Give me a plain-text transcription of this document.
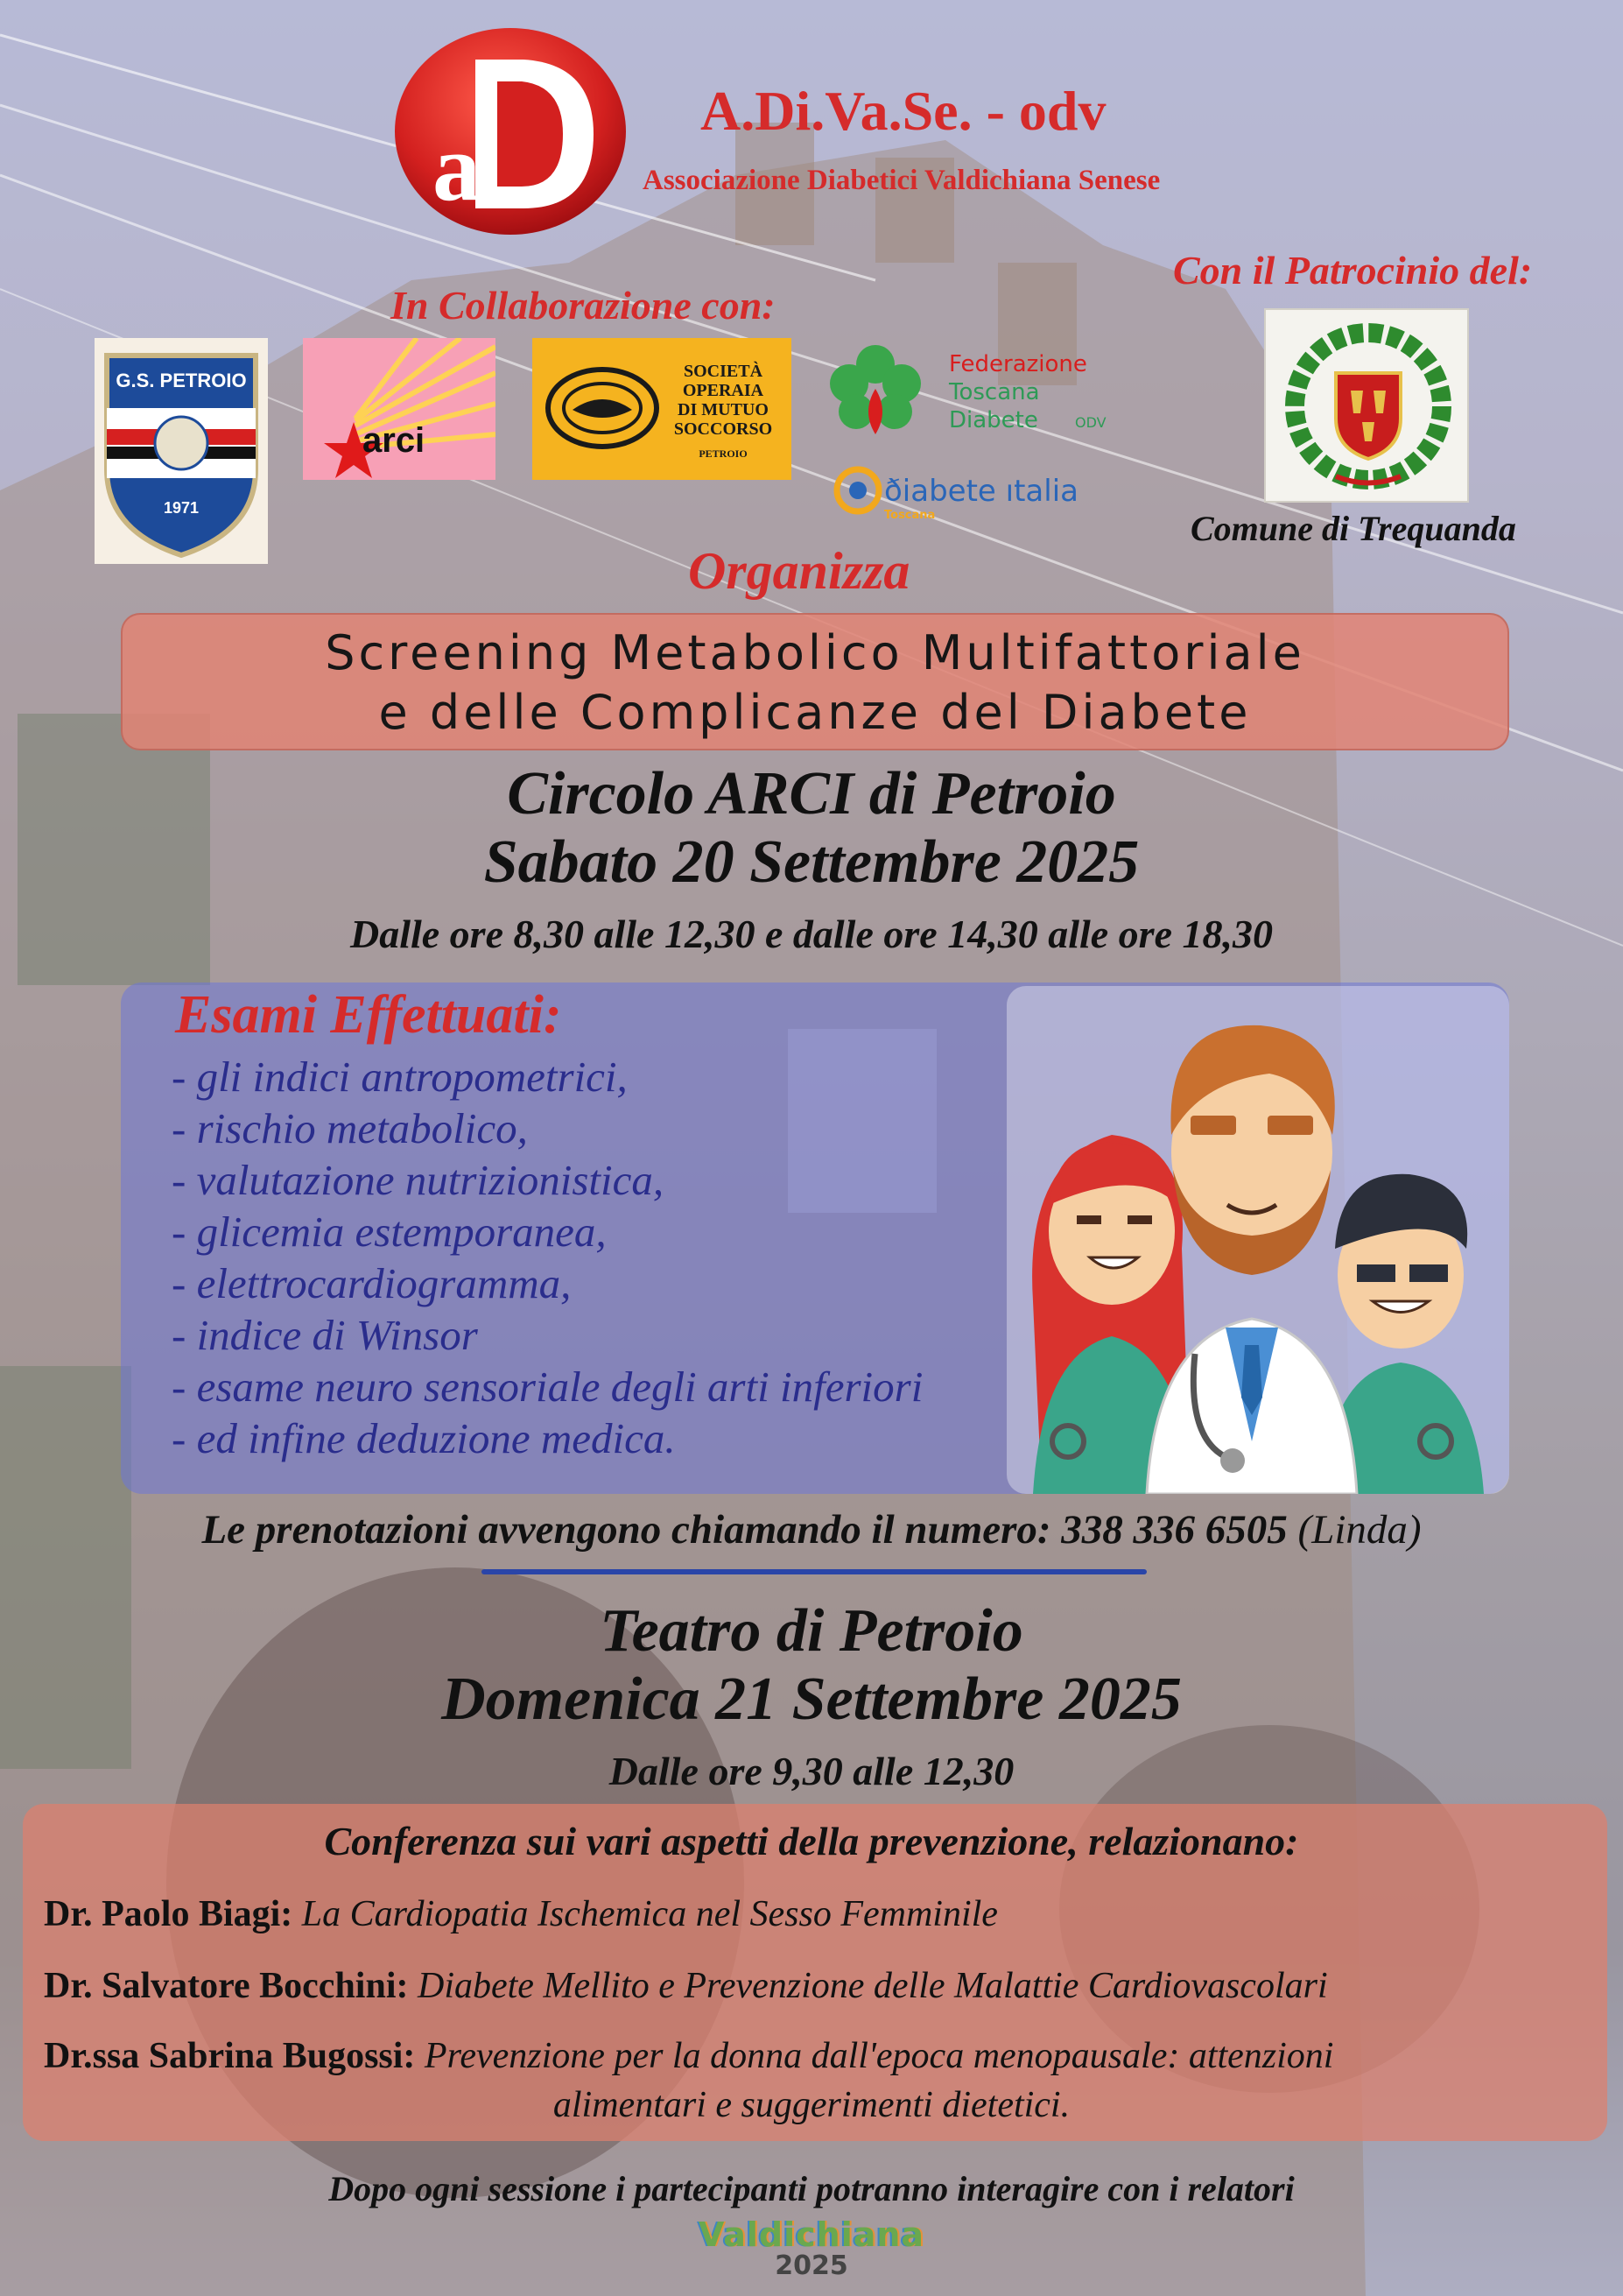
a
A.Di.Va.Se. - odv
Associazione Diabetici Valdichiana Senese
Con il Patrocinio del:
In Collaborazione con:
G.S. PETROIO
1971
arci
SOCIETÀ
OPERAIA
DI MUTUO
SOCCORSO
PETROIO
Federazione
Toscana
Diabete	ODV
ðiabete ıtalia
Toscana	Comune di Trequanda
Organizza
Screening Metabolico Multifattoriale
e delle Complicanze del Diabete
Circolo ARCI di Petroio
Sabato 20 Settembre 2025
Dalle ore 8,30 alle 12,30 e dalle ore 14,30 alle ore 18,30
Esami Effettuati:
- gli indici antropometrici,
- rischio metabolico,
- valutazione nutrizionistica,
- glicemia estemporanea,
- elettrocardiogramma,
- indice di Winsor
- esame neuro sensoriale degli arti inferiori
- ed infine deduzione medica.
Le prenotazioni avvengono chiamando il numero: 338 336 6505 (Linda)
Teatro di Petroio
Domenica 21 Settembre 2025
Dalle ore 9,30 alle 12,30
Conferenza sui vari aspetti della prevenzione, relazionano:
Dr. Paolo Biagi: La Cardiopatia Ischemica nel Sesso Femminile
Dr. Salvatore Bocchini: Diabete Mellito e Prevenzione delle Malattie Cardiovascolari
Dr.ssa Sabrina Bugossi: Prevenzione per la donna dall'epoca menopausale: attenzioni
alimentari e suggerimenti dietetici.
Dopo ogni sessione i partecipanti potranno interagire con i relatori
Valdichiana
2025
